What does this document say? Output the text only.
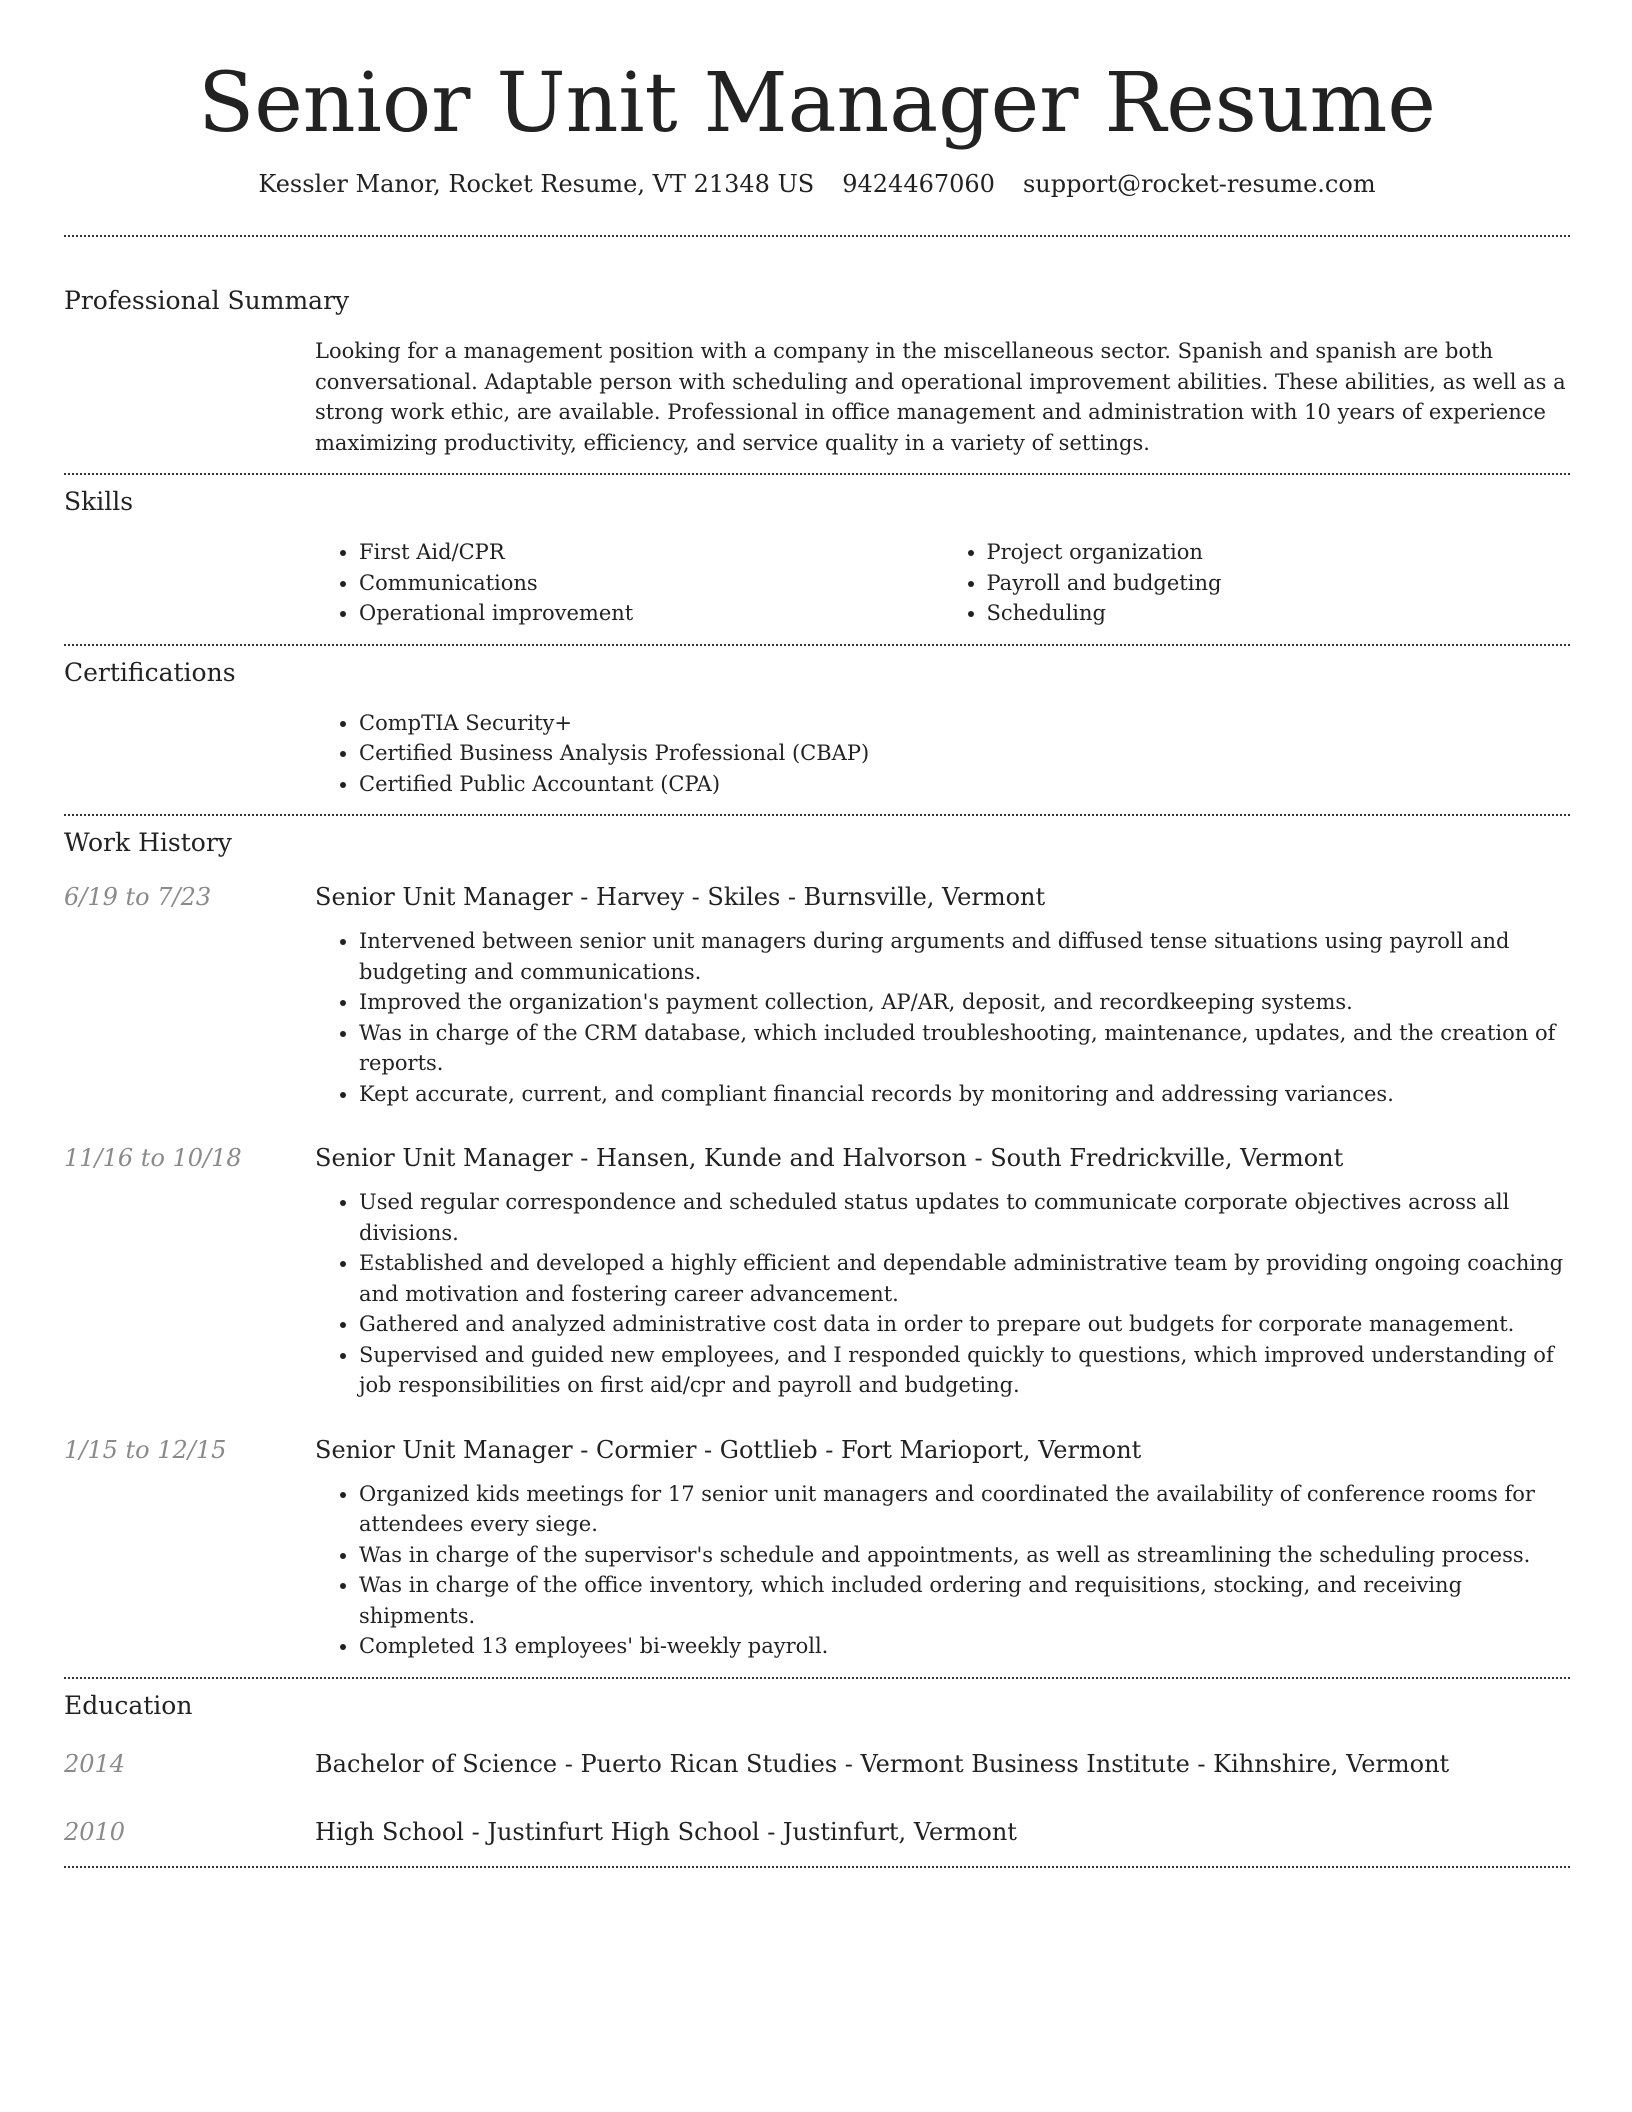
Senior Unit Manager Resume
Kessler Manor, Rocket Resume, VT 21348 US 9424467060 support@rocket-resume.com
Professional Summary

Looking for a management position with a company in the miscellaneous sector. Spanish and spanish are both conversational. Adaptable person with scheduling and operational improvement abilities. These abilities, as well as a strong work ethic, are available. Professional in office management and administration with 10 years of experience maximizing productivity, efficiency, and service quality in a variety of settings.

Skills
• First Aid/CPR
• Communications
• Operational improvement
• Project organization
• Payroll and budgeting
• Scheduling
Certifications
• CompTIA Security+
• Certified Business Analysis Professional (CBAP)
• Certified Public Accountant (CPA)
Work History
6/19 to 7/23	Senior Unit Manager - Harvey - Skiles - Burnsville, Vermont
• Intervened between senior unit managers during arguments and diffused tense situations using payroll and budgeting and communications.
• Improved the organization's payment collection, AP/AR, deposit, and recordkeeping systems.
• Was in charge of the CRM database, which included troubleshooting, maintenance, updates, and the creation of reports.
• Kept accurate, current, and compliant financial records by monitoring and addressing variances.
11/16 to 10/18	Senior Unit Manager - Hansen, Kunde and Halvorson - South Fredrickville, Vermont
• Used regular correspondence and scheduled status updates to communicate corporate objectives across all divisions.
• Established and developed a highly efficient and dependable administrative team by providing ongoing coaching and motivation and fostering career advancement.
• Gathered and analyzed administrative cost data in order to prepare out budgets for corporate management.
• Supervised and guided new employees, and I responded quickly to questions, which improved understanding of job responsibilities on first aid/cpr and payroll and budgeting.
1/15 to 12/15	Senior Unit Manager - Cormier - Gottlieb - Fort Marioport, Vermont
• Organized kids meetings for 17 senior unit managers and coordinated the availability of conference rooms for attendees every siege.
• Was in charge of the supervisor's schedule and appointments, as well as streamlining the scheduling process.
• Was in charge of the office inventory, which included ordering and requisitions, stocking, and receiving shipments.
• Completed 13 employees' bi-weekly payroll.
Education
2014	Bachelor of Science - Puerto Rican Studies - Vermont Business Institute - Kihnshire, Vermont
2010	High School - Justinfurt High School - Justinfurt, Vermont
